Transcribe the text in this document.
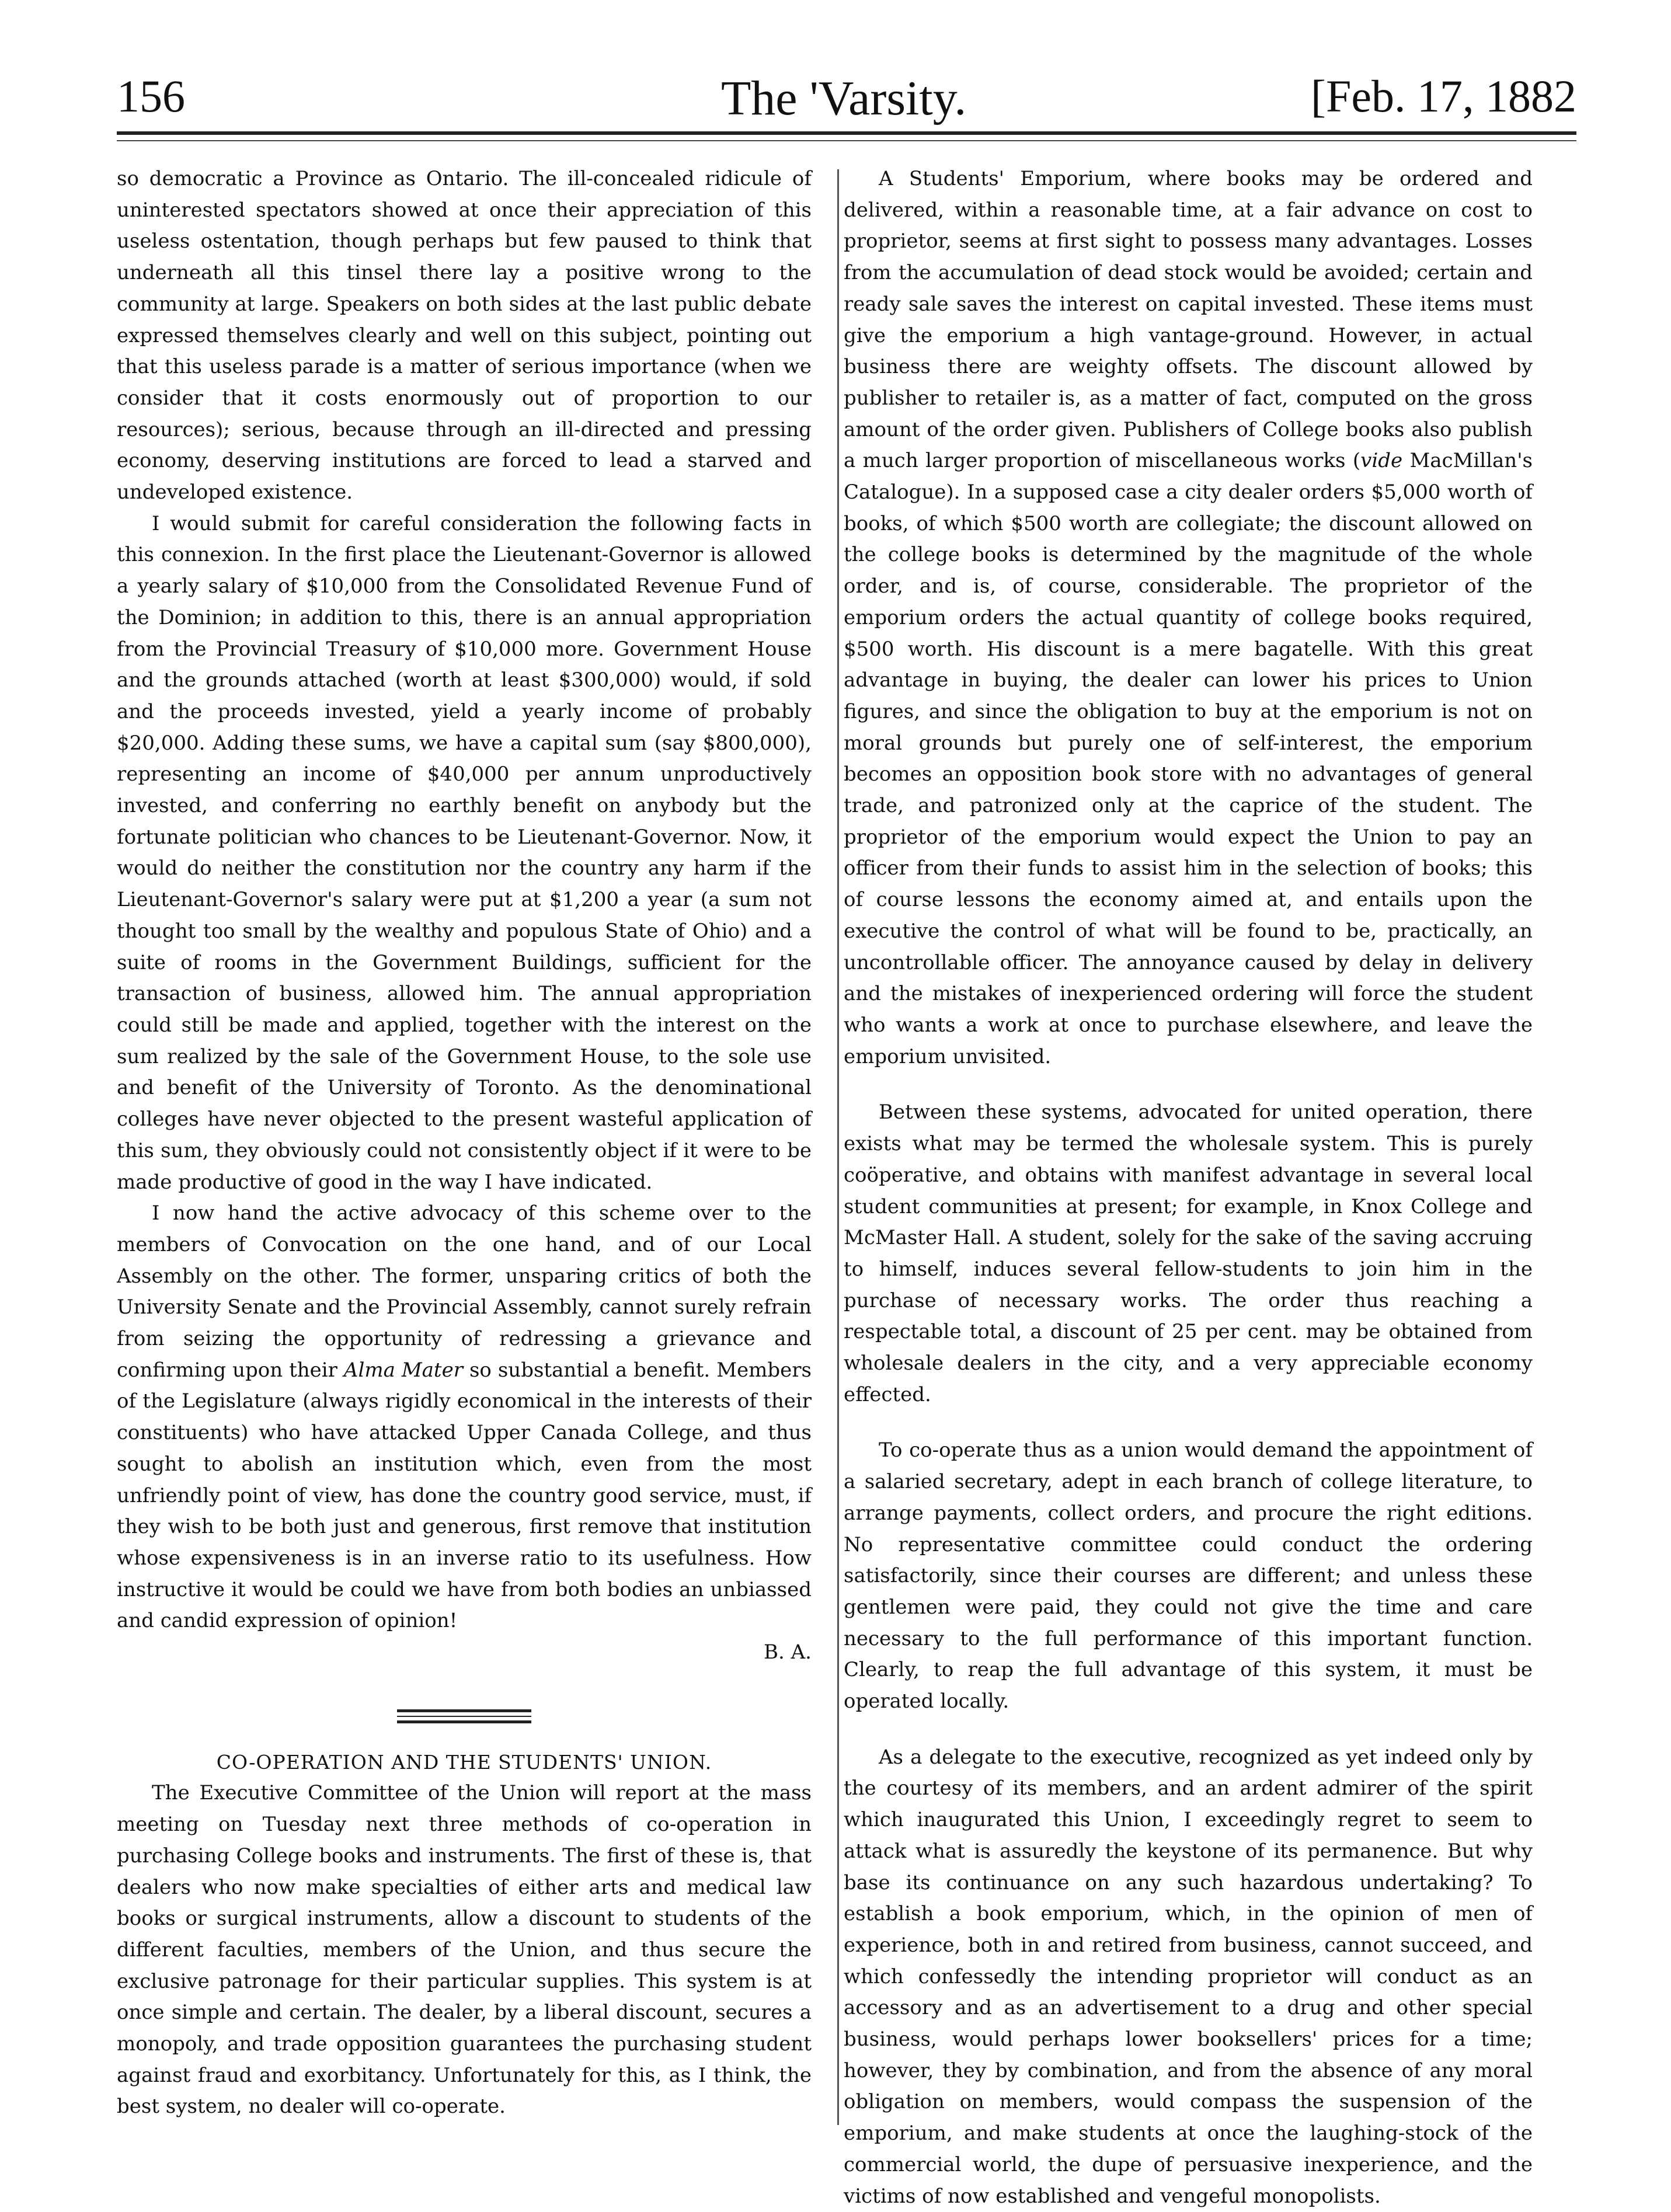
156	The 'Varsity.	[Feb. 17, 1882

so democratic a Province as Ontario. The ill-concealed ridicule of uninterested spectators showed at once their appreciation of this useless ostentation, though perhaps but few paused to think that underneath all this tinsel there lay a positive wrong to the community at large. Speakers on both sides at the last public debate expressed themselves clearly and well on this subject, pointing out that this useless parade is a matter of serious importance (when we consider that it costs enormously out of proportion to our resources); serious, because through an ill-directed and pressing economy, deserving institutions are forced to lead a starved and undeveloped existence.

I would submit for careful consideration the following facts in this connexion. In the first place the Lieutenant-Governor is allowed a yearly salary of $10,000 from the Consolidated Revenue Fund of the Dominion; in addition to this, there is an annual appropriation from the Provincial Treasury of $10,000 more. Government House and the grounds attached (worth at least $300,000) would, if sold and the proceeds invested, yield a yearly income of probably $20,000. Adding these sums, we have a capital sum (say $800,000), representing an income of $40,000 per annum unproductively invested, and conferring no earthly benefit on anybody but the fortunate politician who chances to be Lieutenant-Governor. Now, it would do neither the constitution nor the country any harm if the Lieutenant-Governor's salary were put at $1,200 a year (a sum not thought too small by the wealthy and populous State of Ohio) and a suite of rooms in the Government Buildings, sufficient for the transaction of business, allowed him. The annual appropriation could still be made and applied, together with the interest on the sum realized by the sale of the Government House, to the sole use and benefit of the University of Toronto. As the denominational colleges have never objected to the present wasteful application of this sum, they obviously could not consistently object if it were to be made productive of good in the way I have indicated.

I now hand the active advocacy of this scheme over to the members of Convocation on the one hand, and of our Local Assembly on the other. The former, unsparing critics of both the University Senate and the Provincial Assembly, cannot surely refrain from seizing the opportunity of redressing a grievance and confirming upon their Alma Mater so substantial a benefit. Members of the Legislature (always rigidly economical in the interests of their constituents) who have attacked Upper Canada College, and thus sought to abolish an institution which, even from the most unfriendly point of view, has done the country good service, must, if they wish to be both just and generous, first remove that institution whose expensiveness is in an inverse ratio to its usefulness. How instructive it would be could we have from both bodies an unbiassed and candid expression of opinion!

B. A.

CO-OPERATION AND THE STUDENTS' UNION.

The Executive Committee of the Union will report at the mass meeting on Tuesday next three methods of co-operation in purchasing College books and instruments. The first of these is, that dealers who now make specialties of either arts and medical law books or surgical instruments, allow a discount to students of the different faculties, members of the Union, and thus secure the exclusive patronage for their particular supplies. This system is at once simple and certain. The dealer, by a liberal discount, secures a monopoly, and trade opposition guarantees the purchasing student against fraud and exorbitancy. Unfortunately for this, as I think, the best system, no dealer will co-operate.

A Students' Emporium, where books may be ordered and delivered, within a reasonable time, at a fair advance on cost to proprietor, seems at first sight to possess many advantages. Losses from the accumulation of dead stock would be avoided; certain and ready sale saves the interest on capital invested. These items must give the emporium a high vantage-ground. However, in actual business there are weighty offsets. The discount allowed by publisher to retailer is, as a matter of fact, computed on the gross amount of the order given. Publishers of College books also publish a much larger proportion of miscellaneous works (vide MacMillan's Catalogue). In a supposed case a city dealer orders $5,000 worth of books, of which $500 worth are collegiate; the discount allowed on the college books is determined by the magnitude of the whole order, and is, of course, considerable. The proprietor of the emporium orders the actual quantity of college books required, $500 worth. His discount is a mere bagatelle. With this great advantage in buying, the dealer can lower his prices to Union figures, and since the obligation to buy at the emporium is not on moral grounds but purely one of self-interest, the emporium becomes an opposition book store with no advantages of general trade, and patronized only at the caprice of the student. The proprietor of the emporium would expect the Union to pay an officer from their funds to assist him in the selection of books; this of course lessons the economy aimed at, and entails upon the executive the control of what will be found to be, practically, an uncontrollable officer. The annoyance caused by delay in delivery and the mistakes of inexperienced ordering will force the student who wants a work at once to purchase elsewhere, and leave the emporium unvisited.

Between these systems, advocated for united operation, there exists what may be termed the wholesale system. This is purely coöperative, and obtains with manifest advantage in several local student communities at present; for example, in Knox College and McMaster Hall. A student, solely for the sake of the saving accruing to himself, induces several fellow-students to join him in the purchase of necessary works. The order thus reaching a respectable total, a discount of 25 per cent. may be obtained from wholesale dealers in the city, and a very appreciable economy effected.

To co-operate thus as a union would demand the appointment of a salaried secretary, adept in each branch of college literature, to arrange payments, collect orders, and procure the right editions. No representative committee could conduct the ordering satisfactorily, since their courses are different; and unless these gentlemen were paid, they could not give the time and care necessary to the full performance of this important function. Clearly, to reap the full advantage of this system, it must be operated locally.

As a delegate to the executive, recognized as yet indeed only by the courtesy of its members, and an ardent admirer of the spirit which inaugurated this Union, I exceedingly regret to seem to attack what is assuredly the keystone of its permanence. But why base its continuance on any such hazardous undertaking? To establish a book emporium, which, in the opinion of men of experience, both in and retired from business, cannot succeed, and which confessedly the intending proprietor will conduct as an accessory and as an advertisement to a drug and other special business, would perhaps lower booksellers' prices for a time; however, they by combination, and from the absence of any moral obligation on members, would compass the suspension of the emporium, and make students at once the laughing-stock of the commercial world, the dupe of persuasive inexperience, and the victims of now established and vengeful monopolists.
